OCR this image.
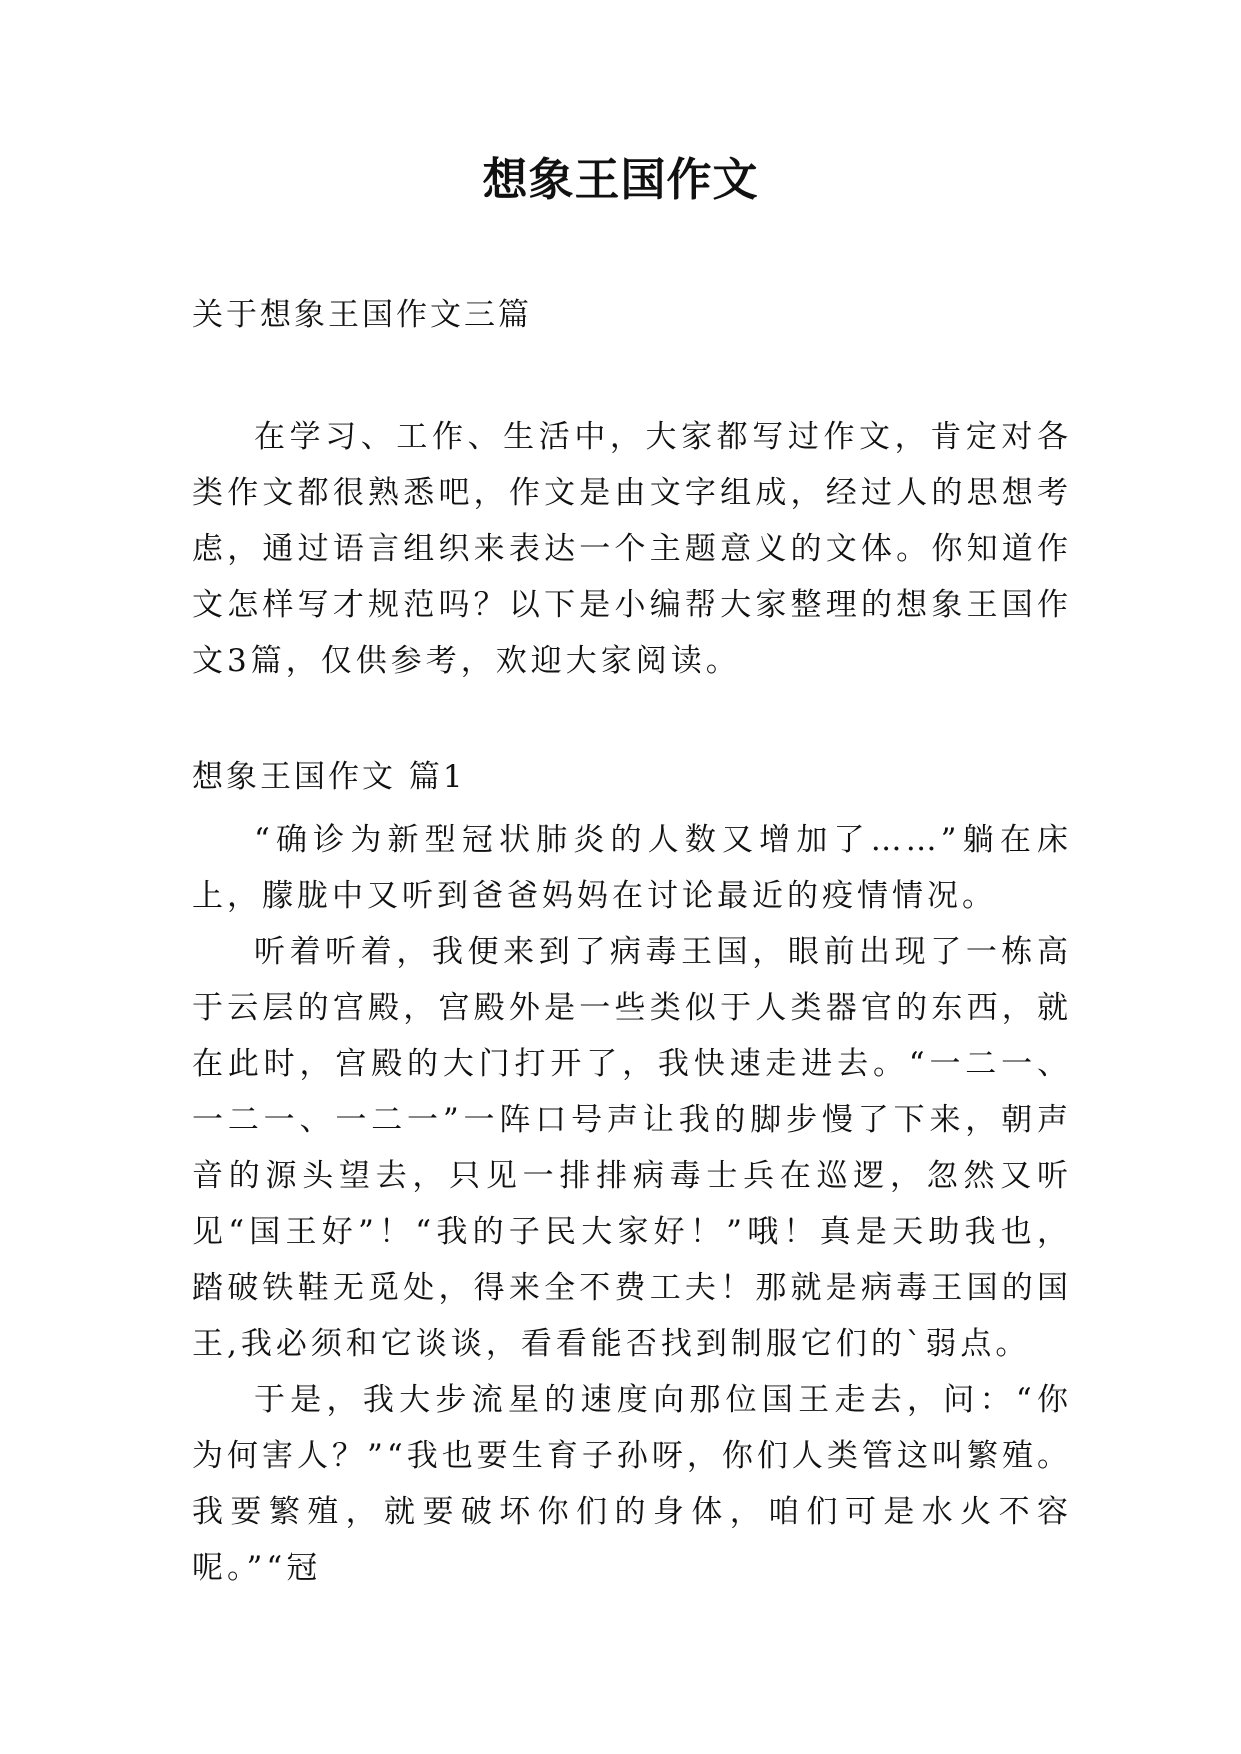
想象王国作文
关于想象王国作文三篇

在学习、工作、生活中，大家都写过作文，肯定对各类作文都很熟悉吧，作文是由文字组成，经过人的思想考虑，通过语言组织来表达一个主题意义的文体。你知道作文怎样写才规范吗？以下是小编帮大家整理的想象王国作文3篇，仅供参考，欢迎大家阅读。

想象王国作文 篇1

“确诊为新型冠状肺炎的人数又增加了……”躺在床上，朦胧中又听到爸爸妈妈在讨论最近的疫情情况。

听着听着，我便来到了病毒王国，眼前出现了一栋高于云层的宫殿，宫殿外是一些类似于人类器官的东西，就在此时，宫殿的大门打开了，我快速走进去。“一二一、一二一、一二一”一阵口号声让我的脚步慢了下来，朝声音的源头望去，只见一排排病毒士兵在巡逻，忽然又听见“国王好”！“我的子民大家好！”哦！真是天助我也，踏破铁鞋无觅处，得来全不费工夫！那就是病毒王国的国王,我必须和它谈谈，看看能否找到制服它们的`弱点。

于是，我大步流星的速度向那位国王走去，问：“你为何害人？”“我也要生育子孙呀，你们人类管这叫繁殖。我要繁殖，就要破坏你们的身体，咱们可是水火不容呢。”“冠
